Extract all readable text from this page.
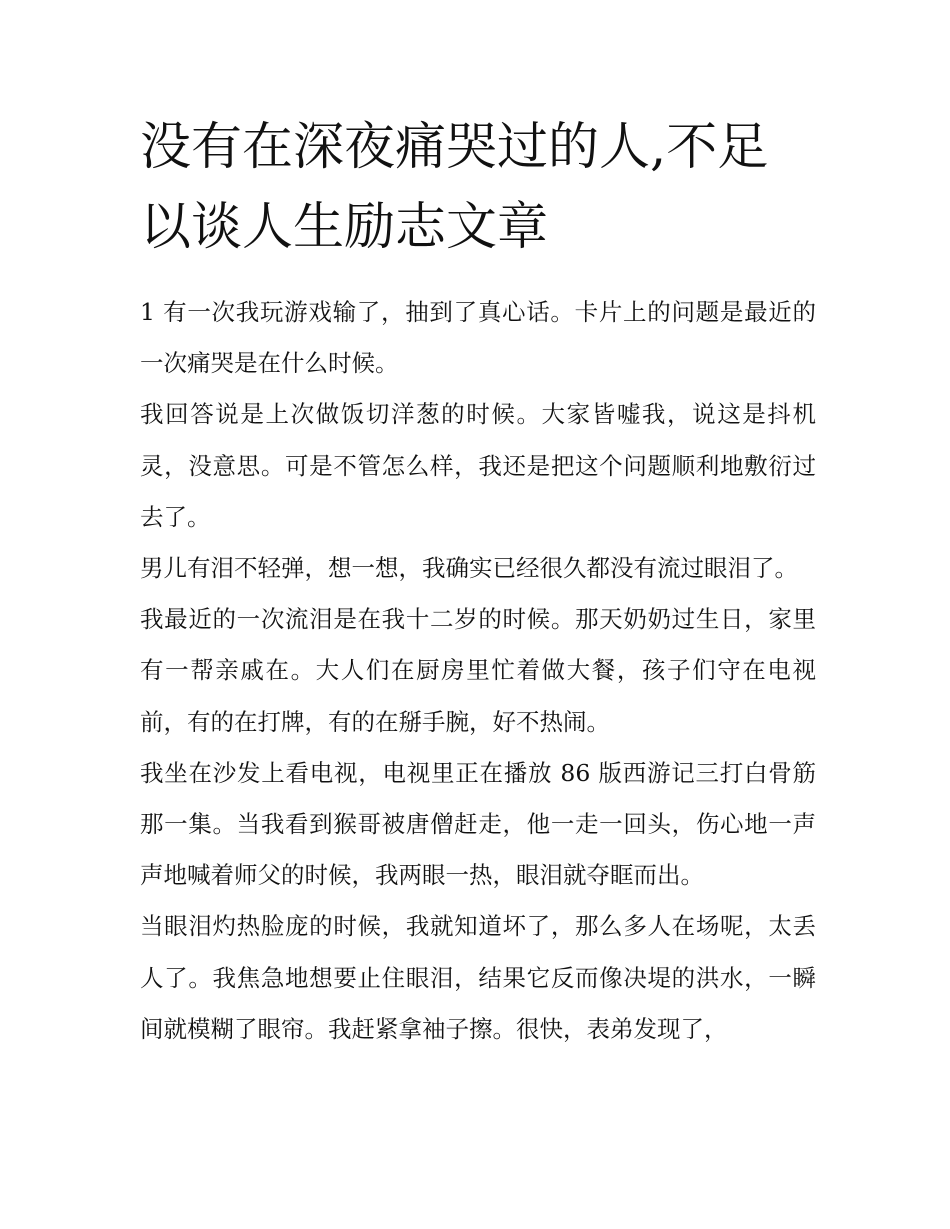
没有在深夜痛哭过的人,不足以谈人生励志文章

1 有一次我玩游戏输了，抽到了真心话。卡片上的问题是最近的一次痛哭是在什么时候。

我回答说是上次做饭切洋葱的时候。大家皆嘘我，说这是抖机灵，没意思。可是不管怎么样，我还是把这个问题顺利地敷衍过去了。

男儿有泪不轻弹，想一想，我确实已经很久都没有流过眼泪了。

我最近的一次流泪是在我十二岁的时候。那天奶奶过生日，家里有一帮亲戚在。大人们在厨房里忙着做大餐，孩子们守在电视前，有的在打牌，有的在掰手腕，好不热闹。

我坐在沙发上看电视，电视里正在播放 86 版西游记三打白骨筋那一集。当我看到猴哥被唐僧赶走，他一走一回头，伤心地一声声地喊着师父的时候，我两眼一热，眼泪就夺眶而出。

当眼泪灼热脸庞的时候，我就知道坏了，那么多人在场呢，太丢人了。我焦急地想要止住眼泪，结果它反而像决堤的洪水，一瞬间就模糊了眼帘。我赶紧拿袖子擦。很快，表弟发现了，
